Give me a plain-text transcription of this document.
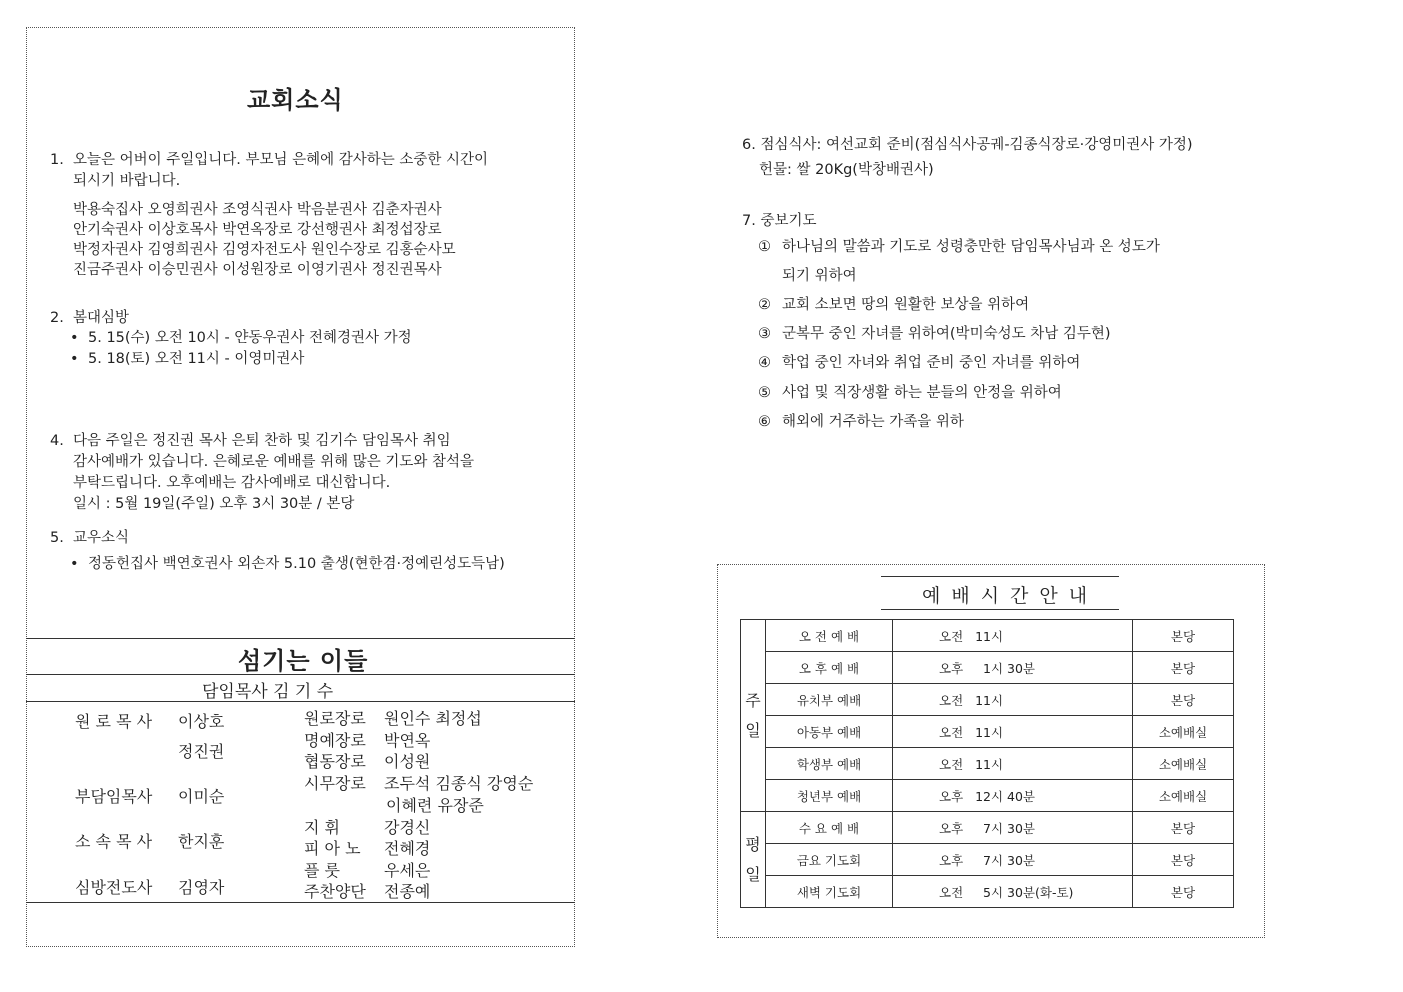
교회소식
1. 오늘은 어버이 주일입니다. 부모님 은혜에 감사하는 소중한 시간이
되시기 바랍니다.
박용숙집사 오영희권사 조영식권사 박음분권사 김춘자권사
안기숙권사 이상호목사 박연옥장로 강선행권사 최정섭장로
박정자권사 김영희권사 김영자전도사 원인수장로 김홍순사모
진금주권사 이승민권사 이성원장로 이영기권사 정진권목사
2. 봄대심방
• 5. 15(수) 오전 10시 - 얀동우권사 전혜경권사 가정
• 5. 18(토) 오전 11시 - 이영미권사
4. 다음 주일은 정진권 목사 은퇴 찬하 및 김기수 담임목사 취임
감사예배가 있습니다. 은혜로운 예배를 위해 많은 기도와 참석을
부탁드립니다. 오후예배는 감사예배로 대신합니다.
일시 : 5월 19일(주일) 오후 3시 30분 / 본당
5. 교우소식
• 정동헌집사 백연호권사 외손자 5.10 출생(현한겸·정예린성도득남)
섬기는 이들
담임목사 김 기 수
원 로 목 사 이상호
정진권
부담임목사 이미순
소 속 목 사 한지훈
심방전도사 김영자
원로장로 원인수 최정섭
명예장로 박연옥
협동장로 이성원
시무장로 조두석 김종식 강영순
이혜련 유장준
지 휘	강경신
피 아 노 전혜경
플 룻	우세은
주찬양단 전종예
6. 점심식사: 여선교회 준비(점심식사공궤-김종식장로·강영미권사 가정)
헌물: 쌀 20Kg(박창배권사)
7. 중보기도
① 하나님의 말씀과 기도로 성령충만한 담임목사님과 온 성도가
되기 위하여
② 교회 소보면 땅의 원활한 보상을 위하여
③ 군복무 중인 자녀를 위하여(박미숙성도 차남 김두현)
④ 학업 중인 자녀와 취업 준비 중인 자녀를 위하여
⑤ 사업 및 직장생활 하는 분들의 안정을 위하여
⑥ 해외에 거주하는 가족을 위하
예배시간안내
주일	오 전 예 배	오전   11시	본당
	오 후 예 배	오후     1시 30분	본당
	유치부 예배	오전   11시	본당
	아동부 예배	오전   11시	소예배실
	학생부 예배	오전   11시	소예배실
	청년부 예배	오후   12시 40분	소예배실
평일	수 요 예 배	오후     7시 30분	본당
	금요 기도회	오후     7시 30분	본당
	새벽 기도회	오전     5시 30분(화-토)	본당
